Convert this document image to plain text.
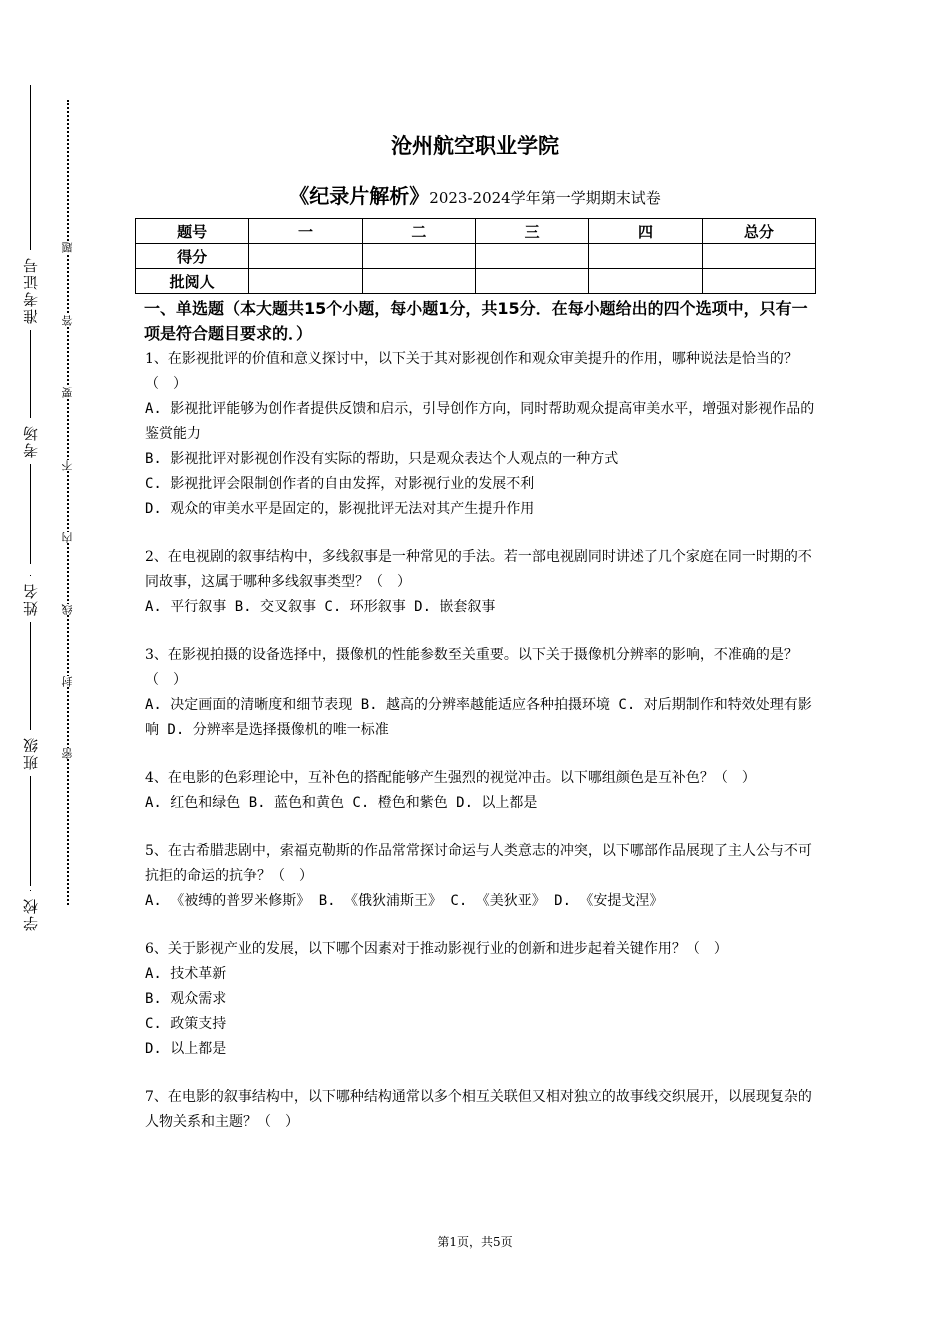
准考证号
考场
姓名
班级
学校
题
答
要
不
内
线
封
密
沧州航空职业学院
《纪录片解析》2023-2024学年第一学期期末试卷
题号	一	二	三	四	总分
得分					
批阅人					

一、单选题（本大题共15个小题，每小题1分，共15分．在每小题给出的四个选项中，只有一项是符合题目要求的．）

1、在影视批评的价值和意义探讨中，以下关于其对影视创作和观众审美提升的作用，哪种说法是恰当的？（　）

A. 影视批评能够为创作者提供反馈和启示，引导创作方向，同时帮助观众提高审美水平，增强对影视作品的鉴赏能力

B. 影视批评对影视创作没有实际的帮助，只是观众表达个人观点的一种方式

C. 影视批评会限制创作者的自由发挥，对影视行业的发展不利

D. 观众的审美水平是固定的，影视批评无法对其产生提升作用

2、在电视剧的叙事结构中，多线叙事是一种常见的手法。若一部电视剧同时讲述了几个家庭在同一时期的不同故事，这属于哪种多线叙事类型？（　）

A. 平行叙事 B. 交叉叙事 C. 环形叙事 D. 嵌套叙事

3、在影视拍摄的设备选择中，摄像机的性能参数至关重要。以下关于摄像机分辨率的影响，不准确的是？（　）

A. 决定画面的清晰度和细节表现 B. 越高的分辨率越能适应各种拍摄环境 C. 对后期制作和特效处理有影响 D. 分辨率是选择摄像机的唯一标准

4、在电影的色彩理论中，互补色的搭配能够产生强烈的视觉冲击。以下哪组颜色是互补色？（　）

A. 红色和绿色 B. 蓝色和黄色 C. 橙色和紫色 D. 以上都是

5、在古希腊悲剧中，索福克勒斯的作品常常探讨命运与人类意志的冲突，以下哪部作品展现了主人公与不可抗拒的命运的抗争？（　）

A. 《被缚的普罗米修斯》 B. 《俄狄浦斯王》 C. 《美狄亚》 D. 《安提戈涅》

6、关于影视产业的发展，以下哪个因素对于推动影视行业的创新和进步起着关键作用？（　）

A. 技术革新

B. 观众需求

C. 政策支持

D. 以上都是

7、在电影的叙事结构中，以下哪种结构通常以多个相互关联但又相对独立的故事线交织展开，以展现复杂的人物关系和主题？（　）

第1页，共5页
